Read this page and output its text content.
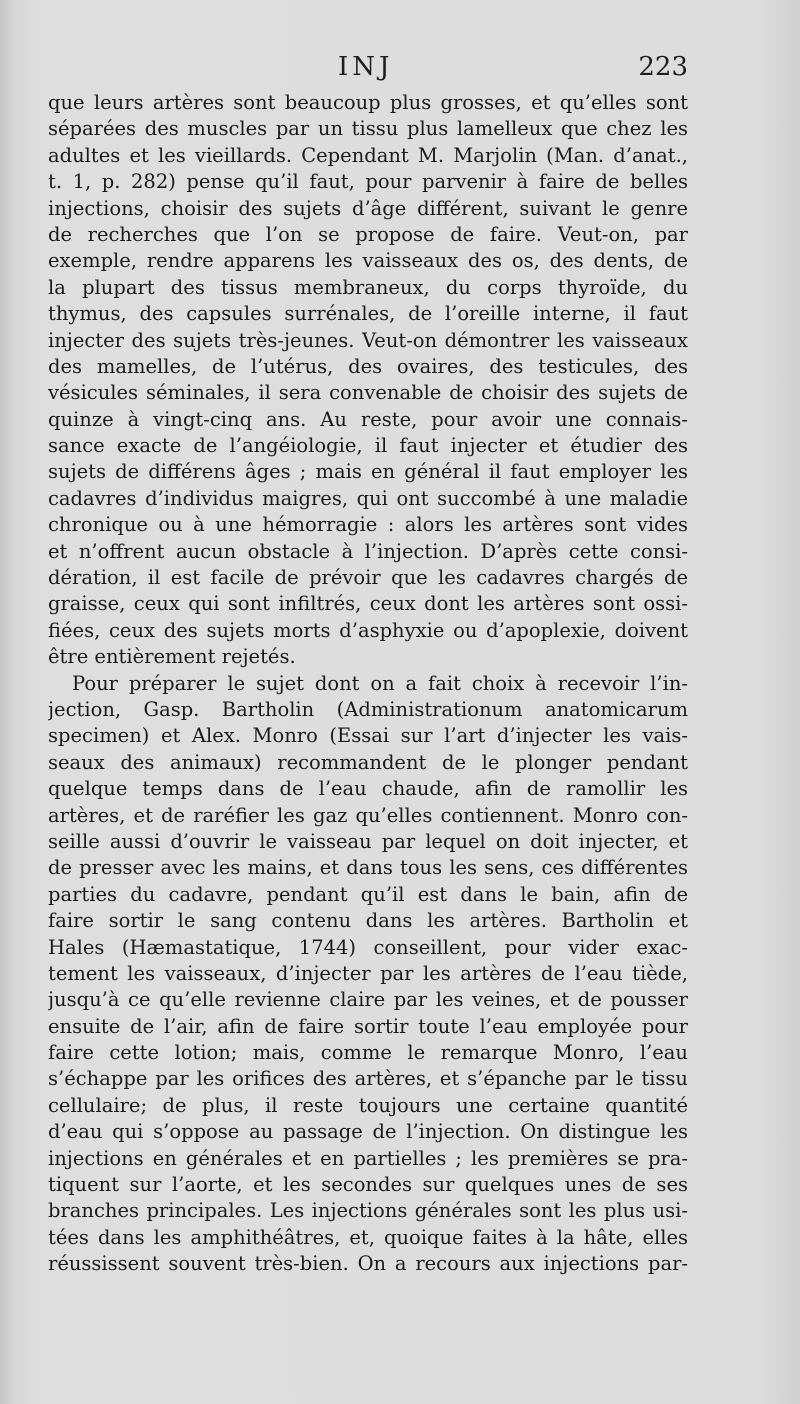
INJ	223
que leurs artères sont beaucoup plus grosses, et qu’elles sont
séparées des muscles par un tissu plus lamelleux que chez les
adultes et les vieillards. Cependant M. Marjolin (Man. d’anat.,
t. 1, p. 282) pense qu’il faut, pour parvenir à faire de belles
injections, choisir des sujets d’âge différent, suivant le genre
de recherches que l’on se propose de faire. Veut-on, par
exemple, rendre apparens les vaisseaux des os, des dents, de
la plupart des tissus membraneux, du corps thyroïde, du
thymus, des capsules surrénales, de l’oreille interne, il faut
injecter des sujets très-jeunes. Veut-on démontrer les vaisseaux
des mamelles, de l’utérus, des ovaires, des testicules, des
vésicules séminales, il sera convenable de choisir des sujets de
quinze à vingt-cinq ans. Au reste, pour avoir une connais-
sance exacte de l’angéiologie, il faut injecter et étudier des
sujets de différens âges ; mais en général il faut employer les
cadavres d’individus maigres, qui ont succombé à une maladie
chronique ou à une hémorragie : alors les artères sont vides
et n’offrent aucun obstacle à l’injection. D’après cette consi-
dération, il est facile de prévoir que les cadavres chargés de
graisse, ceux qui sont infiltrés, ceux dont les artères sont ossi-
fiées, ceux des sujets morts d’asphyxie ou d’apoplexie, doivent
être entièrement rejetés.
Pour préparer le sujet dont on a fait choix à recevoir l’in-
jection, Gasp. Bartholin (Administrationum anatomicarum
specimen) et Alex. Monro (Essai sur l’art d’injecter les vais-
seaux des animaux) recommandent de le plonger pendant
quelque temps dans de l’eau chaude, afin de ramollir les
artères, et de raréfier les gaz qu’elles contiennent. Monro con-
seille aussi d’ouvrir le vaisseau par lequel on doit injecter, et
de presser avec les mains, et dans tous les sens, ces différentes
parties du cadavre, pendant qu’il est dans le bain, afin de
faire sortir le sang contenu dans les artères. Bartholin et
Hales (Hæmastatique, 1744) conseillent, pour vider exac-
tement les vaisseaux, d’injecter par les artères de l’eau tiède,
jusqu’à ce qu’elle revienne claire par les veines, et de pousser
ensuite de l’air, afin de faire sortir toute l’eau employée pour
faire cette lotion; mais, comme le remarque Monro, l’eau
s’échappe par les orifices des artères, et s’épanche par le tissu
cellulaire; de plus, il reste toujours une certaine quantité
d’eau qui s’oppose au passage de l’injection. On distingue les
injections en générales et en partielles ; les premières se pra-
tiquent sur l’aorte, et les secondes sur quelques unes de ses
branches principales. Les injections générales sont les plus usi-
tées dans les amphithéâtres, et, quoique faites à la hâte, elles
réussissent souvent très-bien. On a recours aux injections par-
